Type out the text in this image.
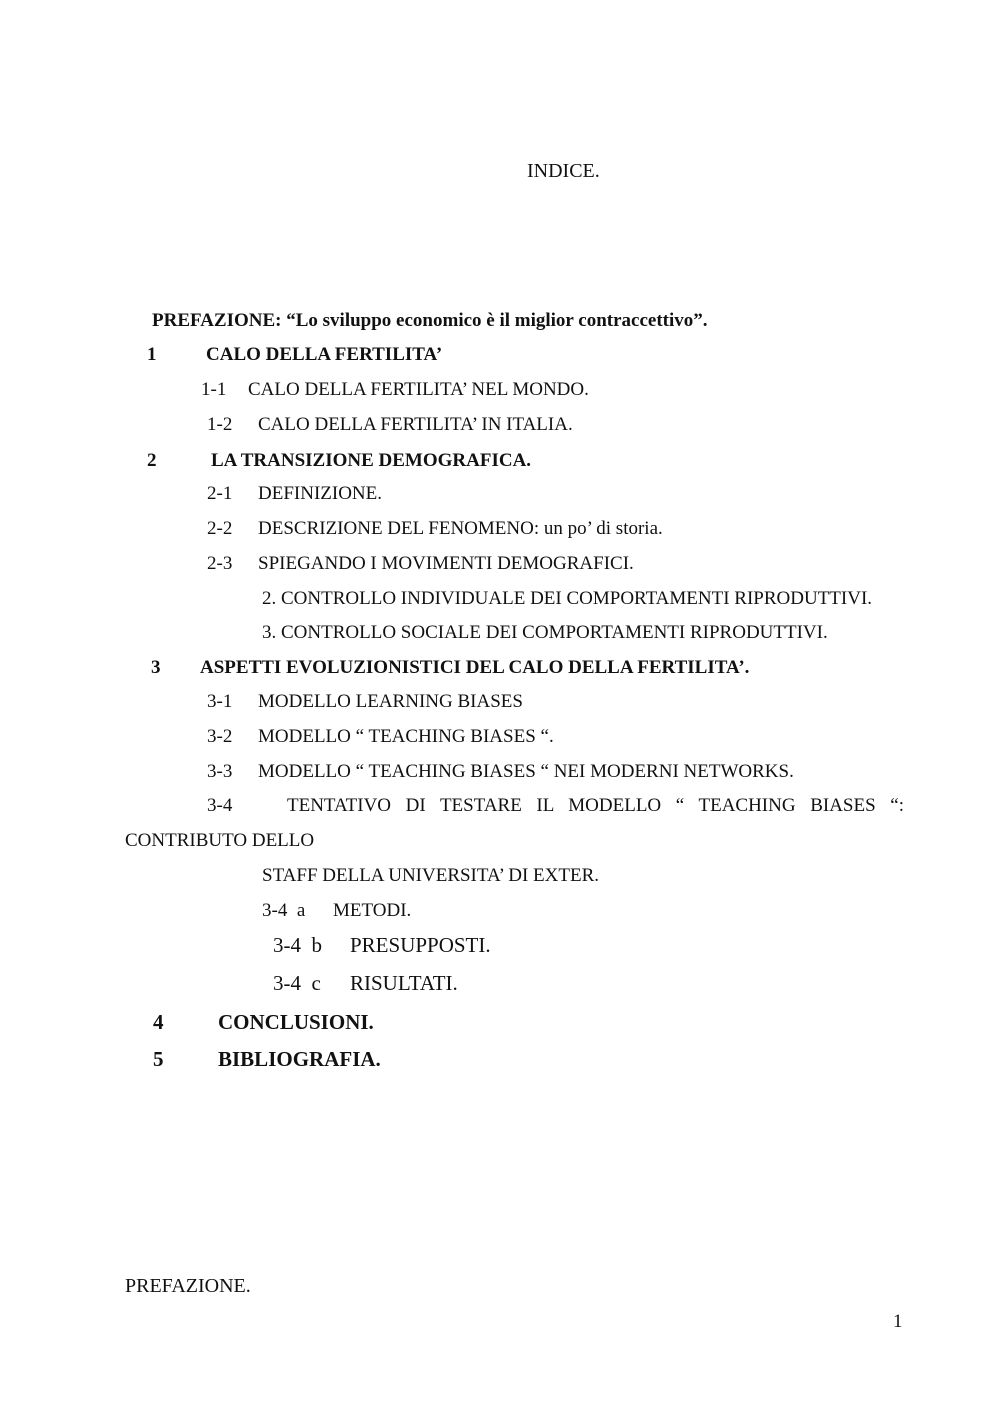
INDICE.
PREFAZIONE: “Lo sviluppo economico è il miglior contraccettivo”.
1	CALO DELLA FERTILITA’
1-1 CALO DELLA FERTILITA’ NEL MONDO.
1-2 CALO DELLA FERTILITA’ IN ITALIA.
2	LA TRANSIZIONE DEMOGRAFICA.
2-1 DEFINIZIONE.
2-2 DESCRIZIONE DEL FENOMENO: un po’ di storia.
2-3 SPIEGANDO I MOVIMENTI DEMOGRAFICI.
2. CONTROLLO INDIVIDUALE DEI COMPORTAMENTI RIPRODUTTIVI.
3. CONTROLLO SOCIALE DEI COMPORTAMENTI RIPRODUTTIVI.
3 ASPETTI EVOLUZIONISTICI DEL CALO DELLA FERTILITA’.
3-1 MODELLO LEARNING BIASES
3-2 MODELLO “ TEACHING BIASES “.
3-3 MODELLO “ TEACHING BIASES “ NEI MODERNI NETWORKS.
3-4	TENTATIVO DI TESTARE IL MODELLO “ TEACHING BIASES “:
CONTRIBUTO DELLO
STAFF DELLA UNIVERSITA’ DI EXTER.
3-4  a METODI.
3-4  b PRESUPPOSTI.
3-4  c RISULTATI.
4	CONCLUSIONI.
5	BIBLIOGRAFIA.
PREFAZIONE.
1
